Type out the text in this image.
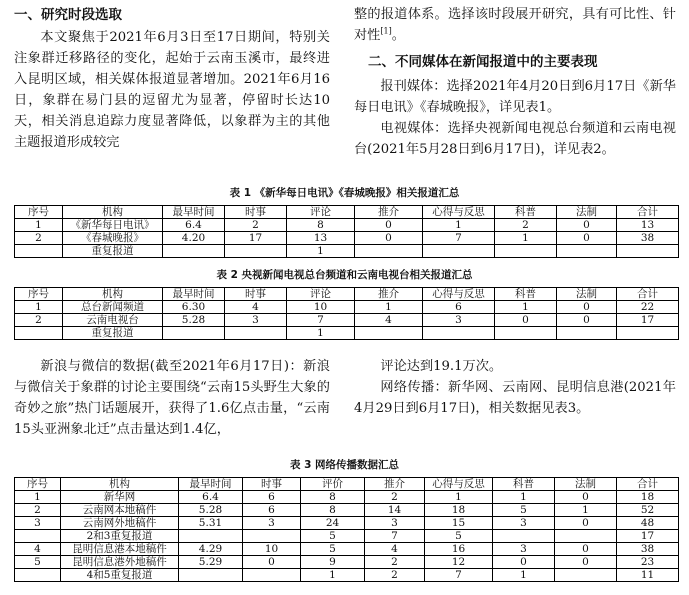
一、研究时段选取

本文聚焦于2021年6月3日至17日期间，特别关注象群迁移路径的变化，起始于云南玉溪市，最终进入昆明区域，相关媒体报道显著增加。2021年6月16日，象群在易门县的逗留尤为显著，停留时长达10天，相关消息追踪力度显著降低，以象群为主的其他主题报道形成较完

整的报道体系。选择该时段展开研究，具有可比性、针对性[1]。

二、不同媒体在新闻报道中的主要表现

报刊媒体：选择2021年4月20日到6月17日《新华每日电讯》《春城晚报》，详见表1。

电视媒体：选择央视新闻电视总台频道和云南电视台(2021年5月28日到6月17日)，详见表2。

表 1 《新华每日电讯》《春城晚报》相关报道汇总
序号	机构	最早时间	时事	评论	推介	心得与反思	科普	法制	合计
1	《新华每日电讯》	6.4	2	8	0	1	2	0	13
2	《春城晚报》	4.20	17	13	0	7	1	0	38
	重复报道			1					
表 2 央视新闻电视总台频道和云南电视台相关报道汇总
序号	机构	最早时间	时事	评论	推介	心得与反思	科普	法制	合计
1	总台新闻频道	6.30	4	10	1	6	1	0	22
2	云南电视台	5.28	3	7	4	3	0	0	17
	重复报道			1					

新浪与微信的数据(截至2021年6月17日)：新浪与微信关于象群的讨论主要围绕“云南15头野生大象的奇妙之旅”热门话题展开，获得了1.6亿点击量，“云南15头亚洲象北迁”点击量达到1.4亿，

评论达到19.1万次。

网络传播：新华网、云南网、昆明信息港(2021年4月29日到6月17日)，相关数据见表3。

表 3 网络传播数据汇总
序号	机构	最早时间	时事	评价	推介	心得与反思	科普	法制	合计
1	新华网	6.4	6	8	2	1	1	0	18
2	云南网本地稿件	5.28	6	8	14	18	5	1	52
3	云南网外地稿件	5.31	3	24	3	15	3	0	48
	2和3重复报道			5	7	5			17
4	昆明信息港本地稿件	4.29	10	5	4	16	3	0	38
5	昆明信息港外地稿件	5.29	0	9	2	12	0	0	23
	4和5重复报道			1	2	7	1		11
